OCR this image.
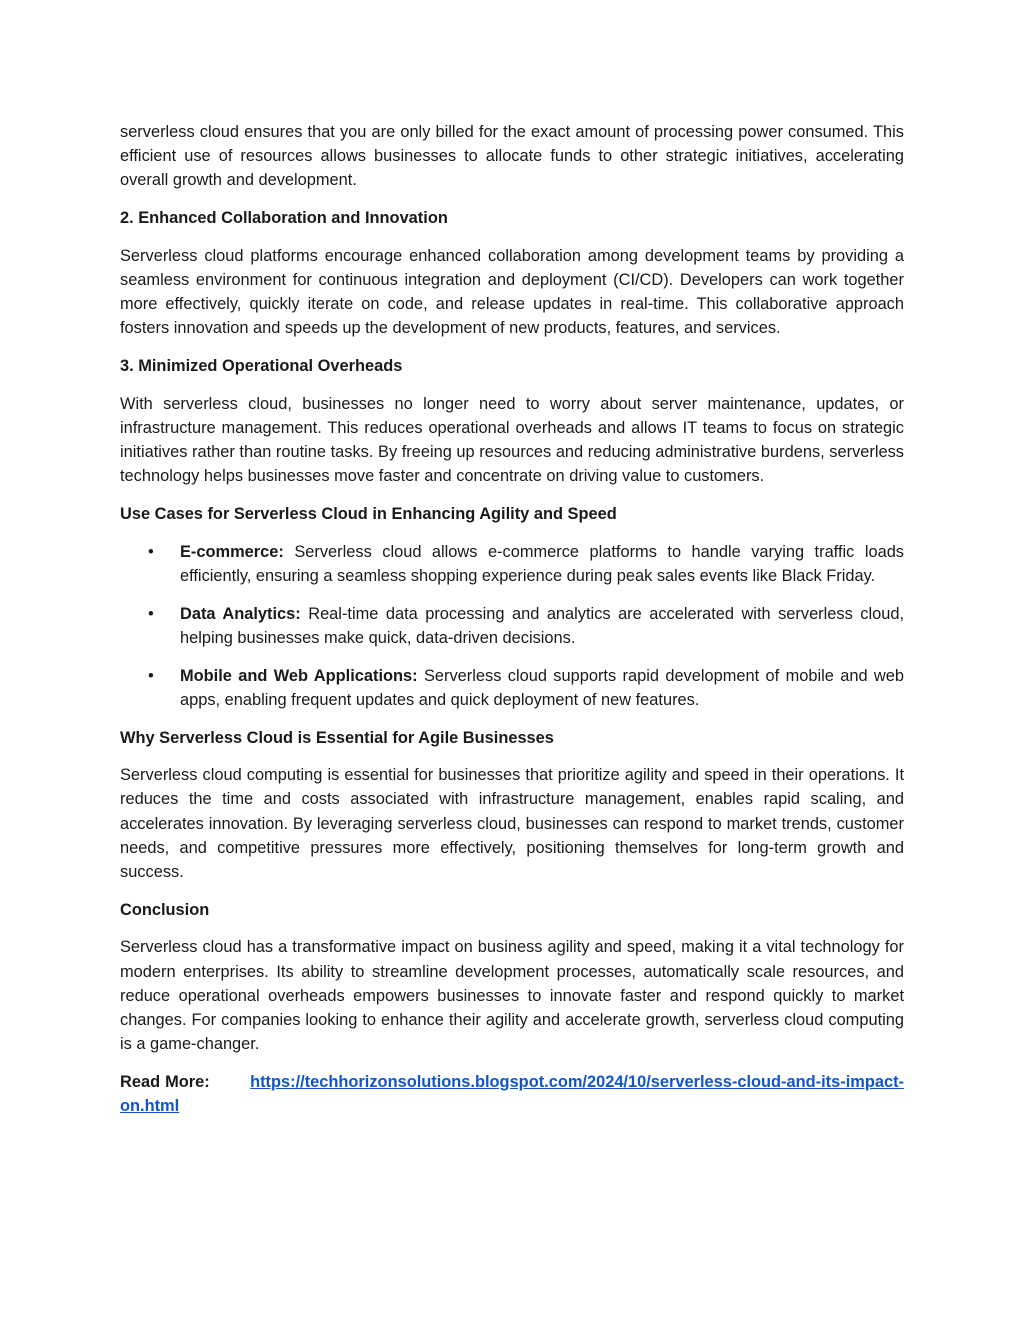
serverless cloud ensures that you are only billed for the exact amount of processing power consumed. This efficient use of resources allows businesses to allocate funds to other strategic initiatives, accelerating overall growth and development.

2. Enhanced Collaboration and Innovation

Serverless cloud platforms encourage enhanced collaboration among development teams by providing a seamless environment for continuous integration and deployment (CI/CD). Developers can work together more effectively, quickly iterate on code, and release updates in real-time. This collaborative approach fosters innovation and speeds up the development of new products, features, and services.

3. Minimized Operational Overheads

With serverless cloud, businesses no longer need to worry about server maintenance, updates, or infrastructure management. This reduces operational overheads and allows IT teams to focus on strategic initiatives rather than routine tasks. By freeing up resources and reducing administrative burdens, serverless technology helps businesses move faster and concentrate on driving value to customers.

Use Cases for Serverless Cloud in Enhancing Agility and Speed

• E-commerce: Serverless cloud allows e-commerce platforms to handle varying traffic loads efficiently, ensuring a seamless shopping experience during peak sales events like Black Friday.
• Data Analytics: Real-time data processing and analytics are accelerated with serverless cloud, helping businesses make quick, data-driven decisions.
• Mobile and Web Applications: Serverless cloud supports rapid development of mobile and web apps, enabling frequent updates and quick deployment of new features.

Why Serverless Cloud is Essential for Agile Businesses

Serverless cloud computing is essential for businesses that prioritize agility and speed in their operations. It reduces the time and costs associated with infrastructure management, enables rapid scaling, and accelerates innovation. By leveraging serverless cloud, businesses can respond to market trends, customer needs, and competitive pressures more effectively, positioning themselves for long-term growth and success.

Conclusion

Serverless cloud has a transformative impact on business agility and speed, making it a vital technology for modern enterprises. Its ability to streamline development processes, automatically scale resources, and reduce operational overheads empowers businesses to innovate faster and respond quickly to market changes. For companies looking to enhance their agility and accelerate growth, serverless cloud computing is a game-changer.

Read More: https://techhorizonsolutions.blogspot.com/2024/10/serverless-cloud-and-its-impact-on.html
